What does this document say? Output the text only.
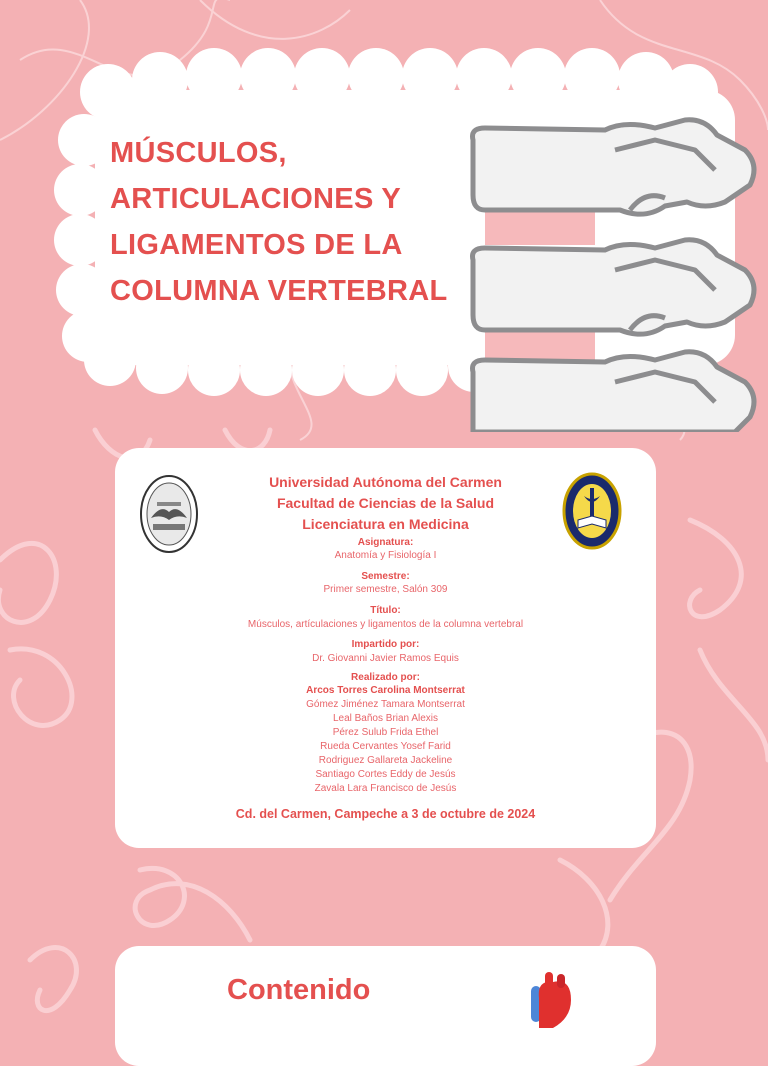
MÚSCULOS,
ARTICULACIONES Y
LIGAMENTOS DE LA
COLUMNA VERTEBRAL
Universidad Autónoma del Carmen
Facultad de Ciencias de la Salud
Licenciatura en Medicina
Asignatura:
Anatomía y Fisiología I
Semestre:
Primer semestre, Salón 309
Título:
Músculos, artículaciones y ligamentos de la columna vertebral
Impartido por:
Dr. Giovanni Javier Ramos Equis
Realizado por:
Arcos Torres Carolina Montserrat
Gómez Jiménez Tamara Montserrat
Leal Baños Brian Alexis
Pérez Sulub Frida Ethel
Rueda Cervantes Yosef Farid
Rodriguez Gallareta Jackeline
Santiago Cortes Eddy de Jesús
Zavala Lara Francisco de Jesús
Cd. del Carmen, Campeche a 3 de octubre de 2024
Contenido
